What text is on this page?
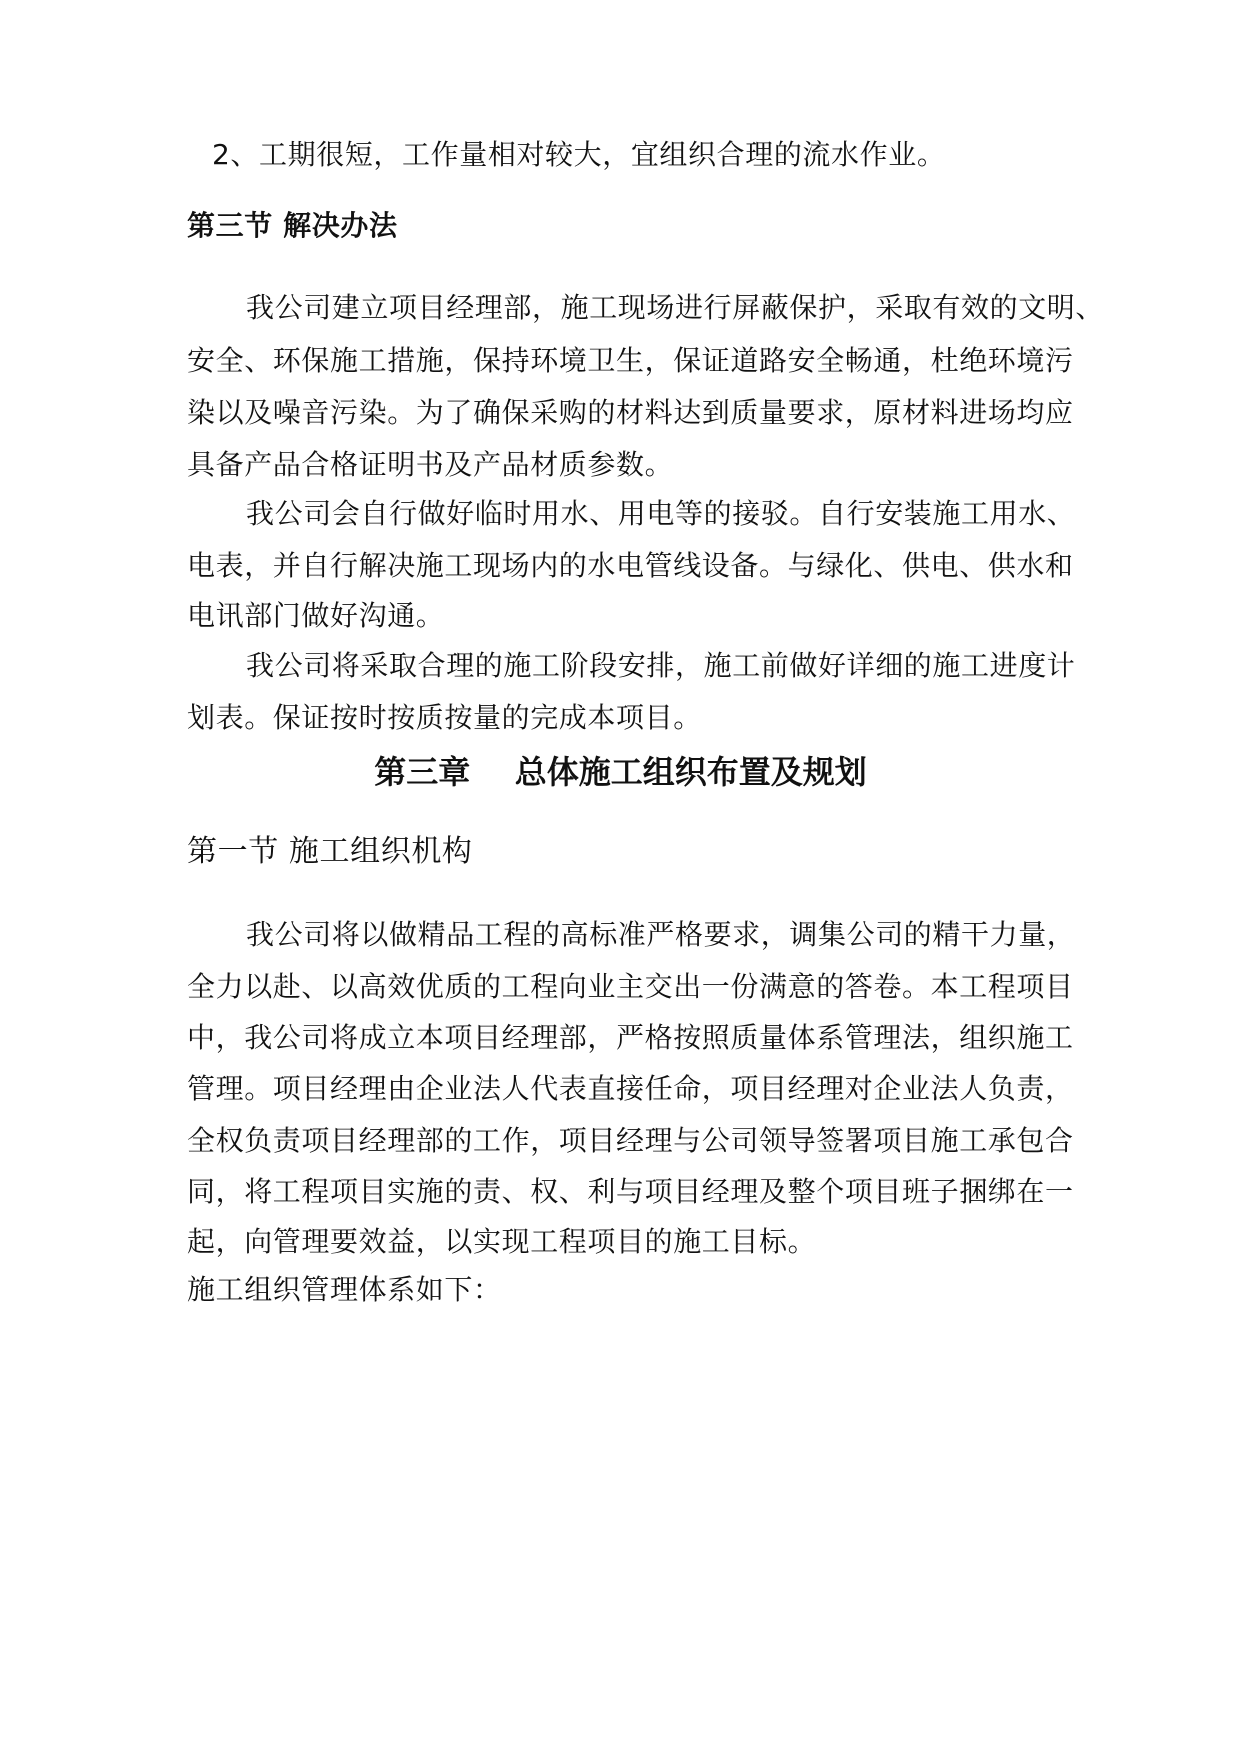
2、工期很短，工作量相对较大，宜组织合理的流水作业。

第三节 解决办法

我公司建立项目经理部，施工现场进行屏蔽保护，采取有效的文明、

安全、环保施工措施，保持环境卫生，保证道路安全畅通，杜绝环境污

染以及噪音污染。为了确保采购的材料达到质量要求，原材料进场均应

具备产品合格证明书及产品材质参数。

我公司会自行做好临时用水、用电等的接驳。自行安装施工用水、

电表，并自行解决施工现场内的水电管线设备。与绿化、供电、供水和

电讯部门做好沟通。

我公司将采取合理的施工阶段安排，施工前做好详细的施工进度计

划表。保证按时按质按量的完成本项目。

第三章    总体施工组织布置及规划

第一节 施工组织机构

我公司将以做精品工程的高标准严格要求，调集公司的精干力量，

全力以赴、以高效优质的工程向业主交出一份满意的答卷。本工程项目

中，我公司将成立本项目经理部，严格按照质量体系管理法，组织施工

管理。项目经理由企业法人代表直接任命，项目经理对企业法人负责，

全权负责项目经理部的工作，项目经理与公司领导签署项目施工承包合

同，将工程项目实施的责、权、利与项目经理及整个项目班子捆绑在一

起，向管理要效益，以实现工程项目的施工目标。

施工组织管理体系如下：
